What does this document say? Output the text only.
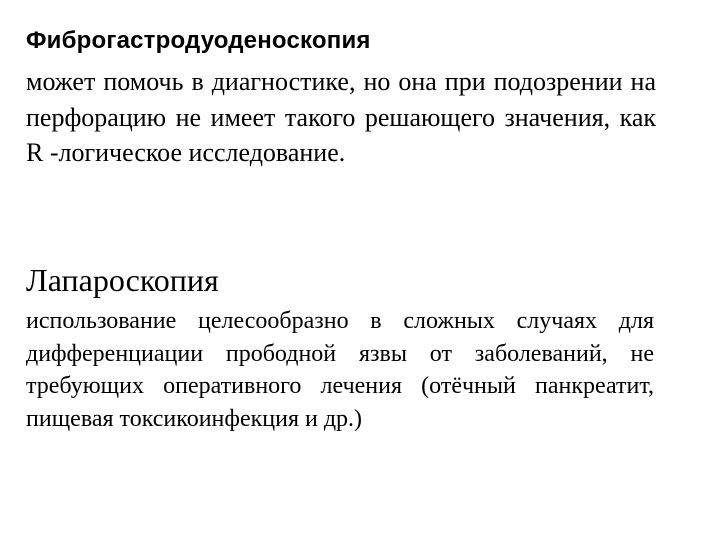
Фиброгастродуоденоскопия
может помочь в диагностике, но она при подозрении на перфорацию не имеет такого решающего значения, как R -логическое исследование.
Лапароскопия
использование целесообразно в сложных случаях для дифференциации прободной язвы от заболеваний, не требующих оперативного лечения (отёчный панкреатит, пищевая токсикоинфекция и др.)
